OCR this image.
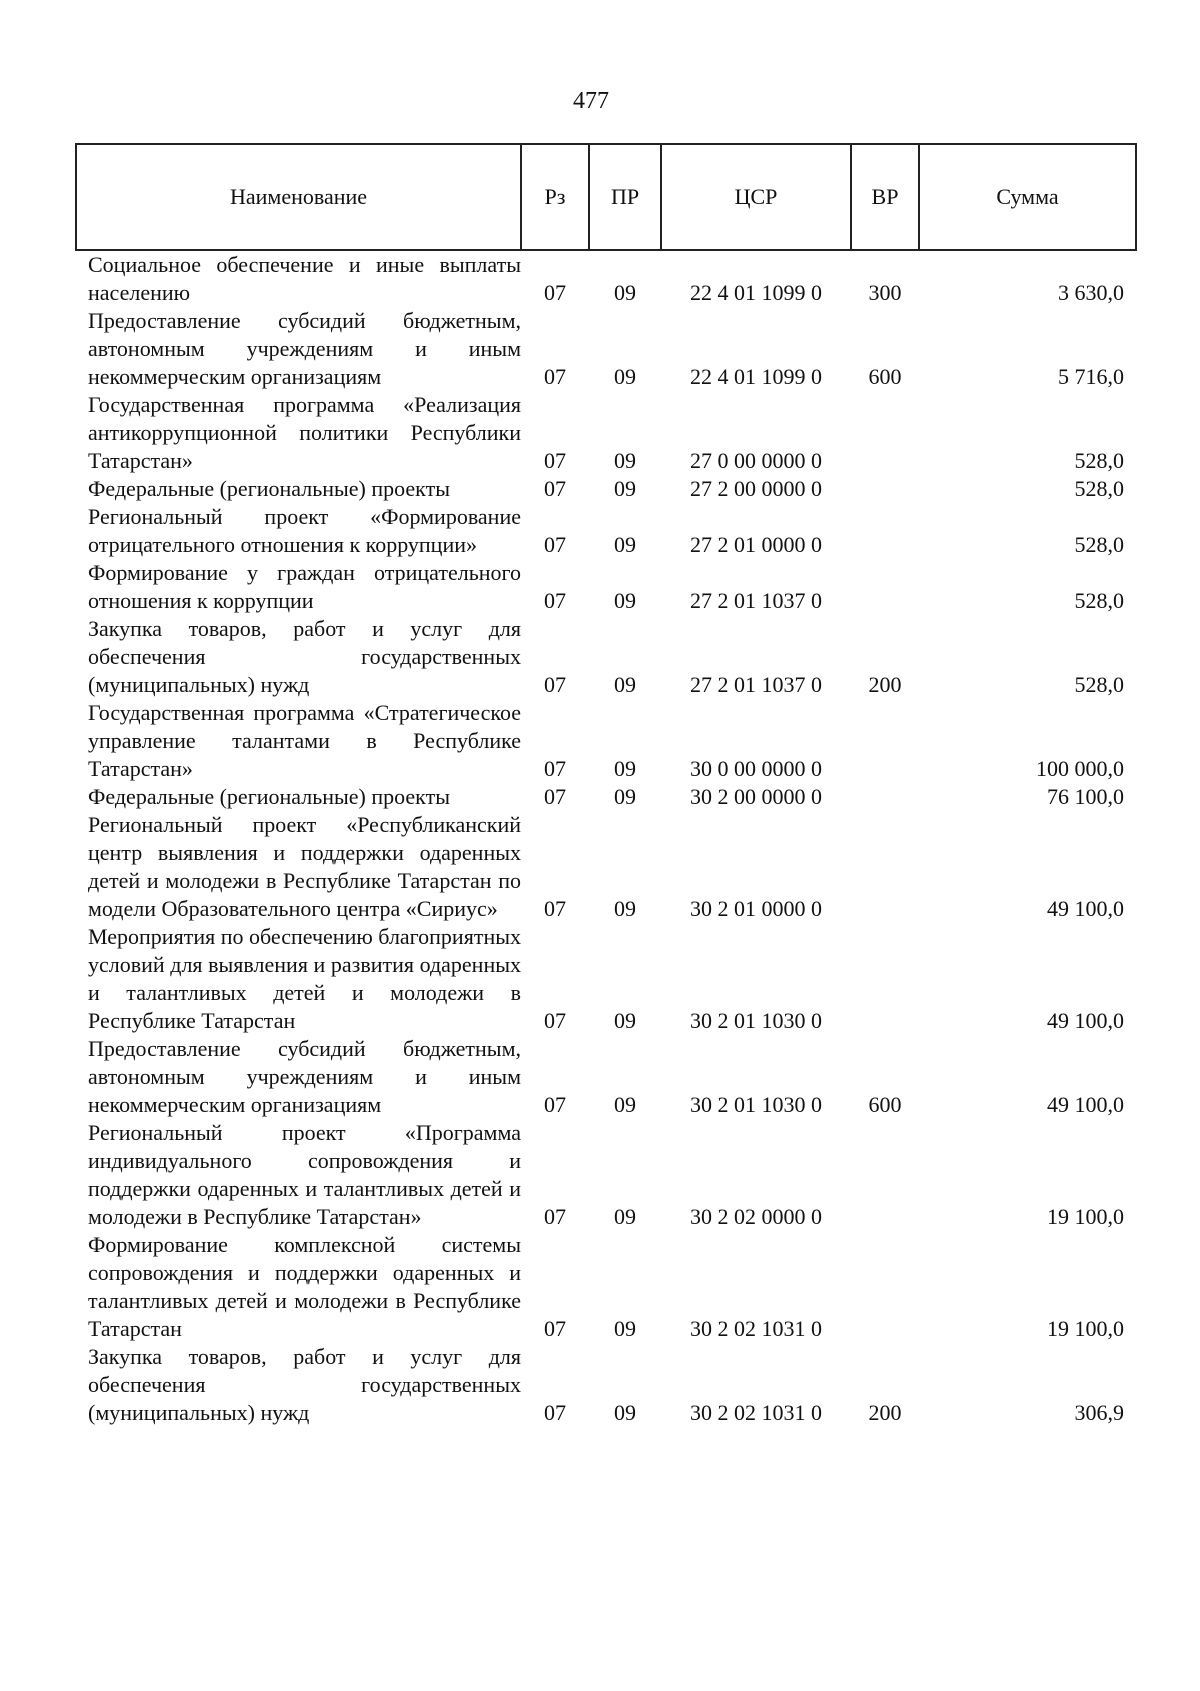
477
Наименование	Рз	ПР	ЦСР	ВР	Сумма
Социальное обеспечение и иные выплаты населению	07	09	22 4 01 1099 0	300	3 630,0
Предоставление субсидий бюджетным, автономным учреждениям и иным некоммерческим организациям	07	09	22 4 01 1099 0	600	5 716,0
Государственная программа «Реализация антикоррупционной политики Республики Татарстан»	07	09	27 0 00 0000 0		528,0
Федеральные (региональные) проекты	07	09	27 2 00 0000 0		528,0
Региональный проект «Формирование отрицательного отношения к коррупции»	07	09	27 2 01 0000 0		528,0
Формирование у граждан отрицательного отношения к коррупции	07	09	27 2 01 1037 0		528,0
Закупка товаров, работ и услуг для обеспечения государственных (муниципальных) нужд	07	09	27 2 01 1037 0	200	528,0
Государственная программа «Стратегическое управление талантами в Республике Татарстан»	07	09	30 0 00 0000 0		100 000,0
Федеральные (региональные) проекты	07	09	30 2 00 0000 0		76 100,0
Региональный проект «Республиканский центр выявления и поддержки одаренных детей и молодежи в Республике Татарстан по модели Образовательного центра «Сириус»	07	09	30 2 01 0000 0		49 100,0
Мероприятия по обеспечению благоприятных условий для выявления и развития одаренных и талантливых детей и молодежи в Республике Татарстан	07	09	30 2 01 1030 0		49 100,0
Предоставление субсидий бюджетным, автономным учреждениям и иным некоммерческим организациям	07	09	30 2 01 1030 0	600	49 100,0
Региональный проект «Программа индивидуального сопровождения и поддержки одаренных и талантливых детей и молодежи в Республике Татарстан»	07	09	30 2 02 0000 0		19 100,0
Формирование комплексной системы сопровождения и поддержки одаренных и талантливых детей и молодежи в Республике Татарстан	07	09	30 2 02 1031 0		19 100,0
Закупка товаров, работ и услуг для обеспечения государственных (муниципальных) нужд	07	09	30 2 02 1031 0	200	306,9
